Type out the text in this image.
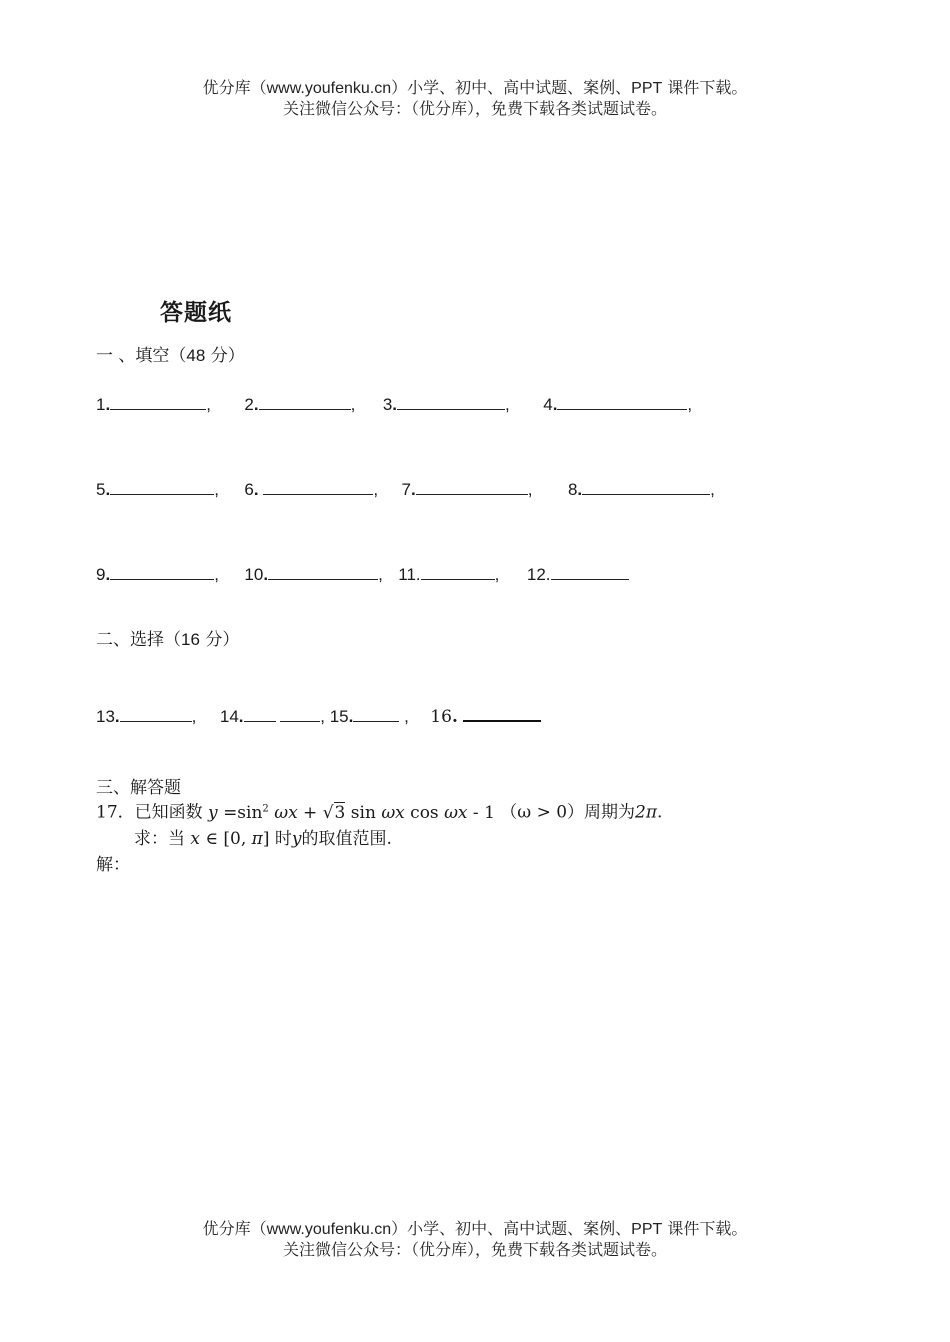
优分库（www.youfenku.cn）小学、初中、高中试题、案例、PPT 课件下载。
关注微信公众号：（优分库），免费下载各类试题试卷。
答题纸
一 、填空（48 分）
1.	, 2.	, 3.	, 4.	,
5.	, 6.	, 7.	, 8.	,
9.	, 10.	, 11.	, 12.
二、选择（16 分）
13.	, 14.	, 15.	, 16.
三、解答题
17．已知函数 $y =\sin^2$ ωx + √3 sin ωx cos ωx - 1 （ω > 0）周期为2π.
求：当 x ∈ [0, π] 时y的取值范围.
解：
优分库（www.youfenku.cn）小学、初中、高中试题、案例、PPT 课件下载。
关注微信公众号：（优分库），免费下载各类试题试卷。
